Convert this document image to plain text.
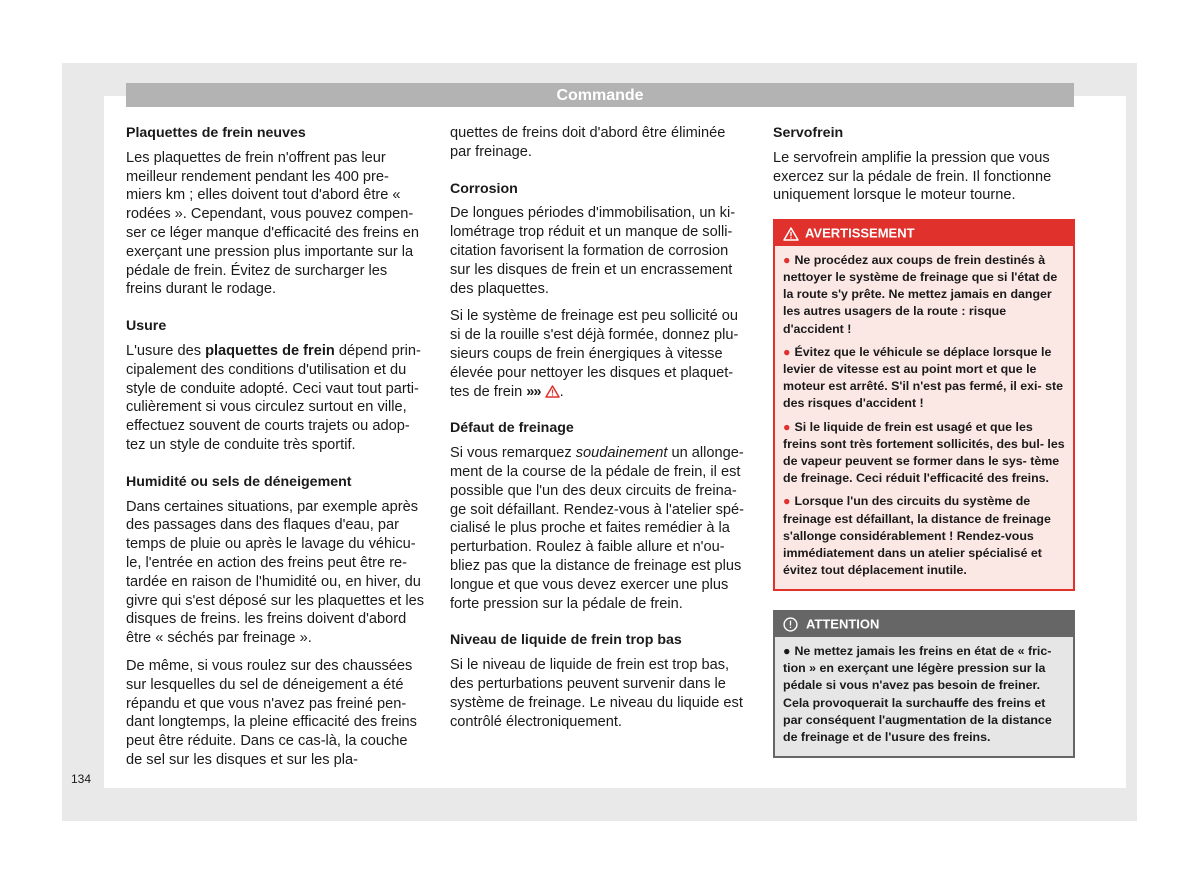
Commande
Plaquettes de frein neuves

Les plaquettes de frein n'offrent pas leur meilleur rendement pendant les 400 pre- miers km ; elles doivent tout d'abord être « rodées ». Cependant, vous pouvez compen- ser ce léger manque d'efficacité des freins en exerçant une pression plus importante sur la pédale de frein. Évitez de surcharger les freins durant le rodage.

Usure

L'usure des plaquettes de frein dépend prin- cipalement des conditions d'utilisation et du style de conduite adopté. Ceci vaut tout parti- culièrement si vous circulez surtout en ville, effectuez souvent de courts trajets ou adop- tez un style de conduite très sportif.

Humidité ou sels de déneigement

Dans certaines situations, par exemple après des passages dans des flaques d'eau, par temps de pluie ou après le lavage du véhicu- le, l'entrée en action des freins peut être re- tardée en raison de l'humidité ou, en hiver, du givre qui s'est déposé sur les plaquettes et les disques de freins. les freins doivent d'abord être « séchés par freinage ».

De même, si vous roulez sur des chaussées sur lesquelles du sel de déneigement a été répandu et que vous n'avez pas freiné pen- dant longtemps, la pleine efficacité des freins peut être réduite. Dans ce cas-là, la couche de sel sur les disques et sur les pla-

quettes de freins doit d'abord être éliminée par freinage.

Corrosion

De longues périodes d'immobilisation, un ki- lométrage trop réduit et un manque de solli- citation favorisent la formation de corrosion sur les disques de frein et un encrassement des plaquettes.

Si le système de freinage est peu sollicité ou si de la rouille s'est déjà formée, donnez plu- sieurs coups de frein énergiques à vitesse élevée pour nettoyer les disques et plaquet- tes de frein »» .

Défaut de freinage

Si vous remarquez soudainement un allonge- ment de la course de la pédale de frein, il est possible que l'un des deux circuits de freina- ge soit défaillant. Rendez-vous à l'atelier spé- cialisé le plus proche et faites remédier à la perturbation. Roulez à faible allure et n'ou- bliez pas que la distance de freinage est plus longue et que vous devez exercer une plus forte pression sur la pédale de frein.

Niveau de liquide de frein trop bas

Si le niveau de liquide de frein est trop bas, des perturbations peuvent survenir dans le système de freinage. Le niveau du liquide est contrôlé électroniquement.

Servofrein

Le servofrein amplifie la pression que vous exercez sur la pédale de frein. Il fonctionne uniquement lorsque le moteur tourne.

AVERTISSEMENT
● Ne procédez aux coups de frein destinés à nettoyer le système de freinage que si l'état de la route s'y prête. Ne mettez jamais en danger les autres usagers de la route : risque d'accident !
● Évitez que le véhicule se déplace lorsque le levier de vitesse est au point mort et que le moteur est arrêté. S'il n'est pas fermé, il exi- ste des risques d'accident !
● Si le liquide de frein est usagé et que les freins sont très fortement sollicités, des bul- les de vapeur peuvent se former dans le sys- tème de freinage. Ceci réduit l'efficacité des freins.
● Lorsque l'un des circuits du système de freinage est défaillant, la distance de freinage s'allonge considérablement ! Rendez-vous immédiatement dans un atelier spécialisé et évitez tout déplacement inutile.
ATTENTION
● Ne mettez jamais les freins en état de « fric- tion » en exerçant une légère pression sur la pédale si vous n'avez pas besoin de freiner. Cela provoquerait la surchauffe des freins et par conséquent l'augmentation de la distance de freinage et de l'usure des freins.
134
